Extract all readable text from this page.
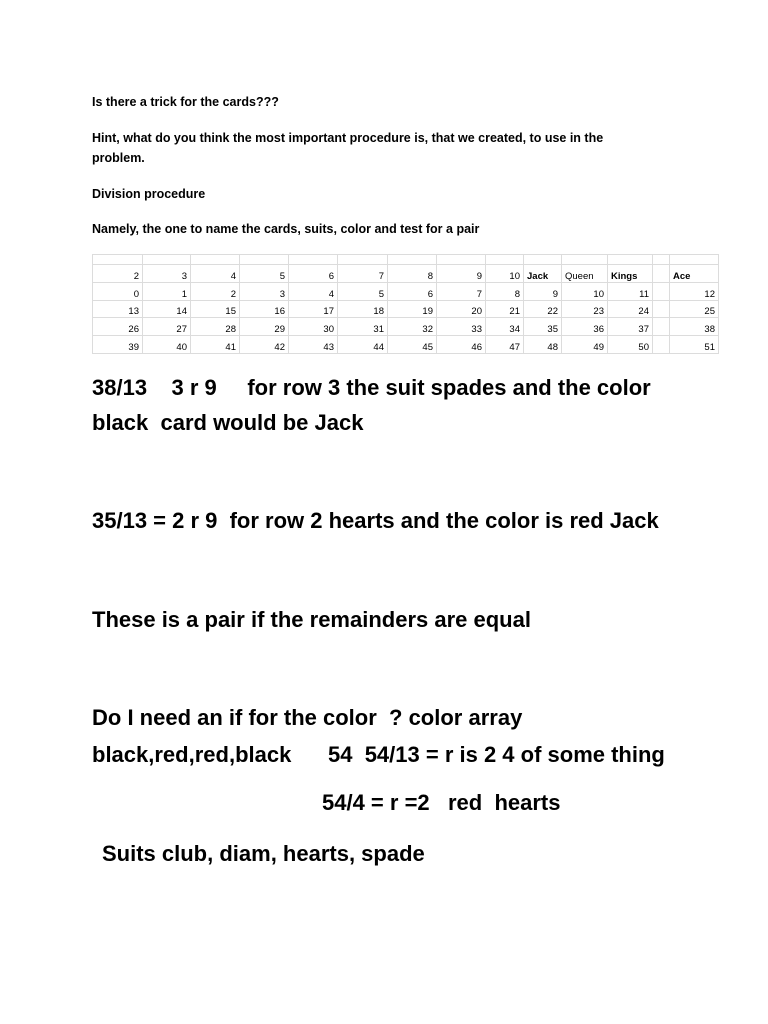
Is there a trick for the cards???

Hint, what do you think the most important procedure is, that we created, to use in the problem.

Division procedure

Namely, the one to name the cards, suits, color and test for a pair

2	3	4	5	6	7	8	9	10	Jack	Queen	Kings		Ace
0	1	2	3	4	5	6	7	8	9	10	11		12
13	14	15	16	17	18	19	20	21	22	23	24		25
26	27	28	29	30	31	32	33	34	35	36	37		38
39	40	41	42	43	44	45	46	47	48	49	50		51

38/13    3 r 9     for row 3 the suit spades and the color

black  card would be Jack

35/13 = 2 r 9  for row 2 hearts and the color is red Jack

These is a pair if the remainders are equal

Do I need an if for the color  ? color array

black,red,red,black      54  54/13 = r is 2 4 of some thing

54/4 = r =2   red  hearts

Suits club, diam, hearts, spade
